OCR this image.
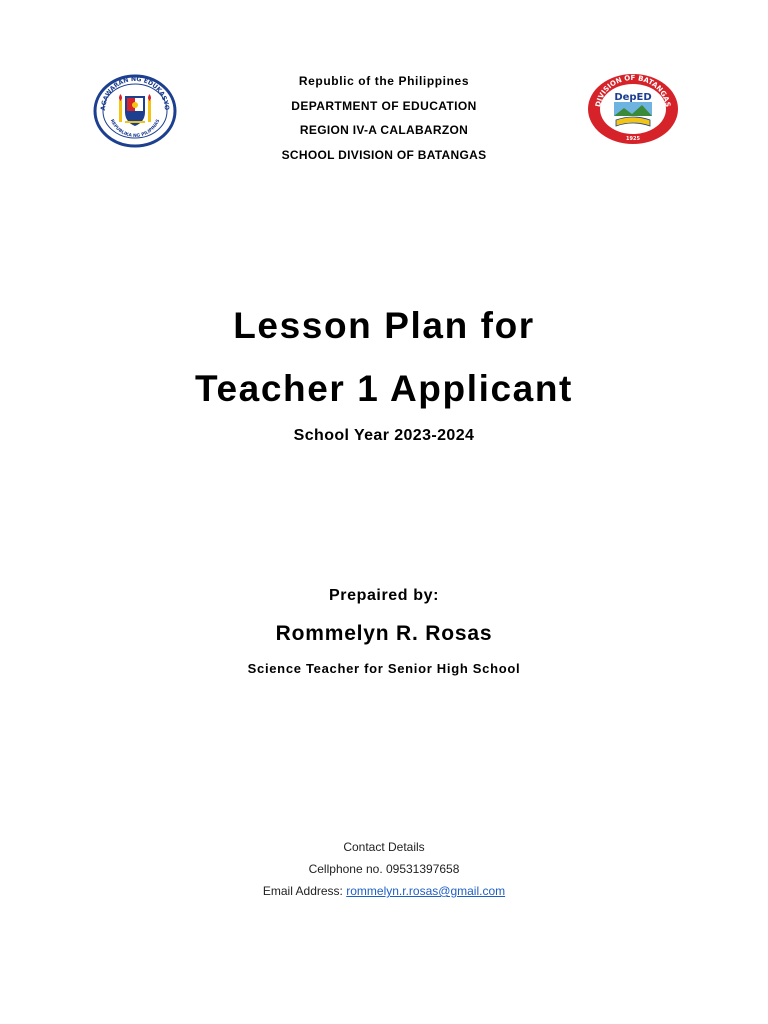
AGAWARAN NG EDUKASYO
REPUBLIKA NG PILIPINAS
DIVISION OF BATANGAS
DepED
1925
Republic of the Philippines
DEPARTMENT OF EDUCATION
REGION IV-A CALABARZON
SCHOOL DIVISION OF BATANGAS
Lesson Plan for
Teacher 1 Applicant
School Year 2023-2024
Prepaired by:
Rommelyn R. Rosas
Science Teacher for Senior High School
Contact Details
Cellphone no. 09531397658
Email Address: rommelyn.r.rosas@gmail.com
